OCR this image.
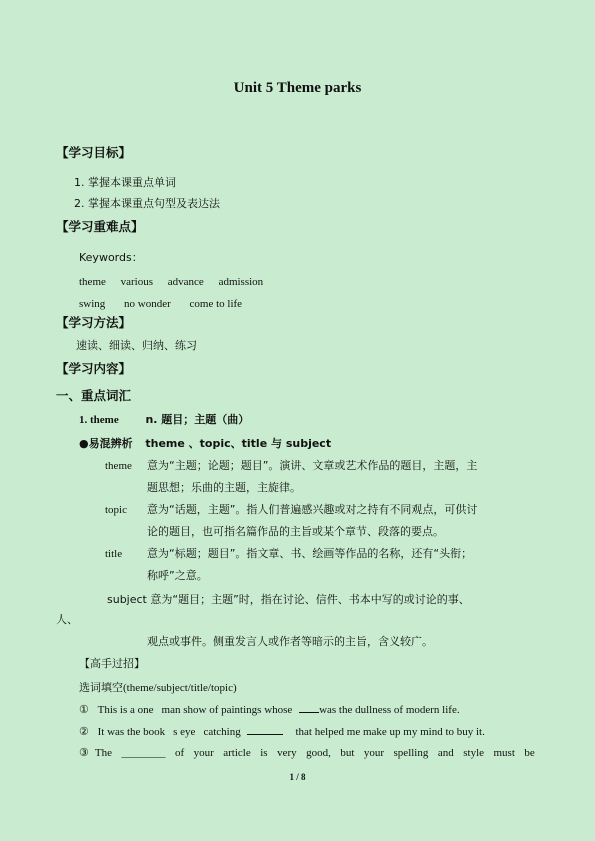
Unit 5 Theme parks
【学习目标】
1. 掌握本课重点单词
2. 掌握本课重点句型及表达法
【学习重难点】
Keywords：
theme various advance admission
swing no wonder come to life
【学习方法】
速读、细读、归纳、练习
【学习内容】
一、重点词汇
1. theme n. 题目；主题（曲）
●易混辨析 theme 、topic、title 与 subject
theme 意为“主题；论题；题目”。演讲、文章或艺术作品的题目，主题，主
题思想；乐曲的主题，主旋律。
topic 意为“话题，主题”。指人们普遍感兴趣或对之持有不同观点，可供讨
论的题目，也可指名篇作品的主旨或某个章节、段落的要点。
title 意为“标题；题目”。指文章、书、绘画等作品的名称，还有“头衔；
称呼”之意。
subject 意为“题目；主题”时，指在讨论、信件、书本中写的或讨论的事、
人、
观点或事件。侧重发言人或作者等暗示的主旨，含义较广。
【高手过招】
选词填空(theme/subject/title/topic)
① This is a one man show of paintings whose was the dullness of modern life.
② It was the book s eye catching	that helped me make up my mind to buy it.
③ The ________ of your article is very good, but your spelling and style must be
1 / 8
